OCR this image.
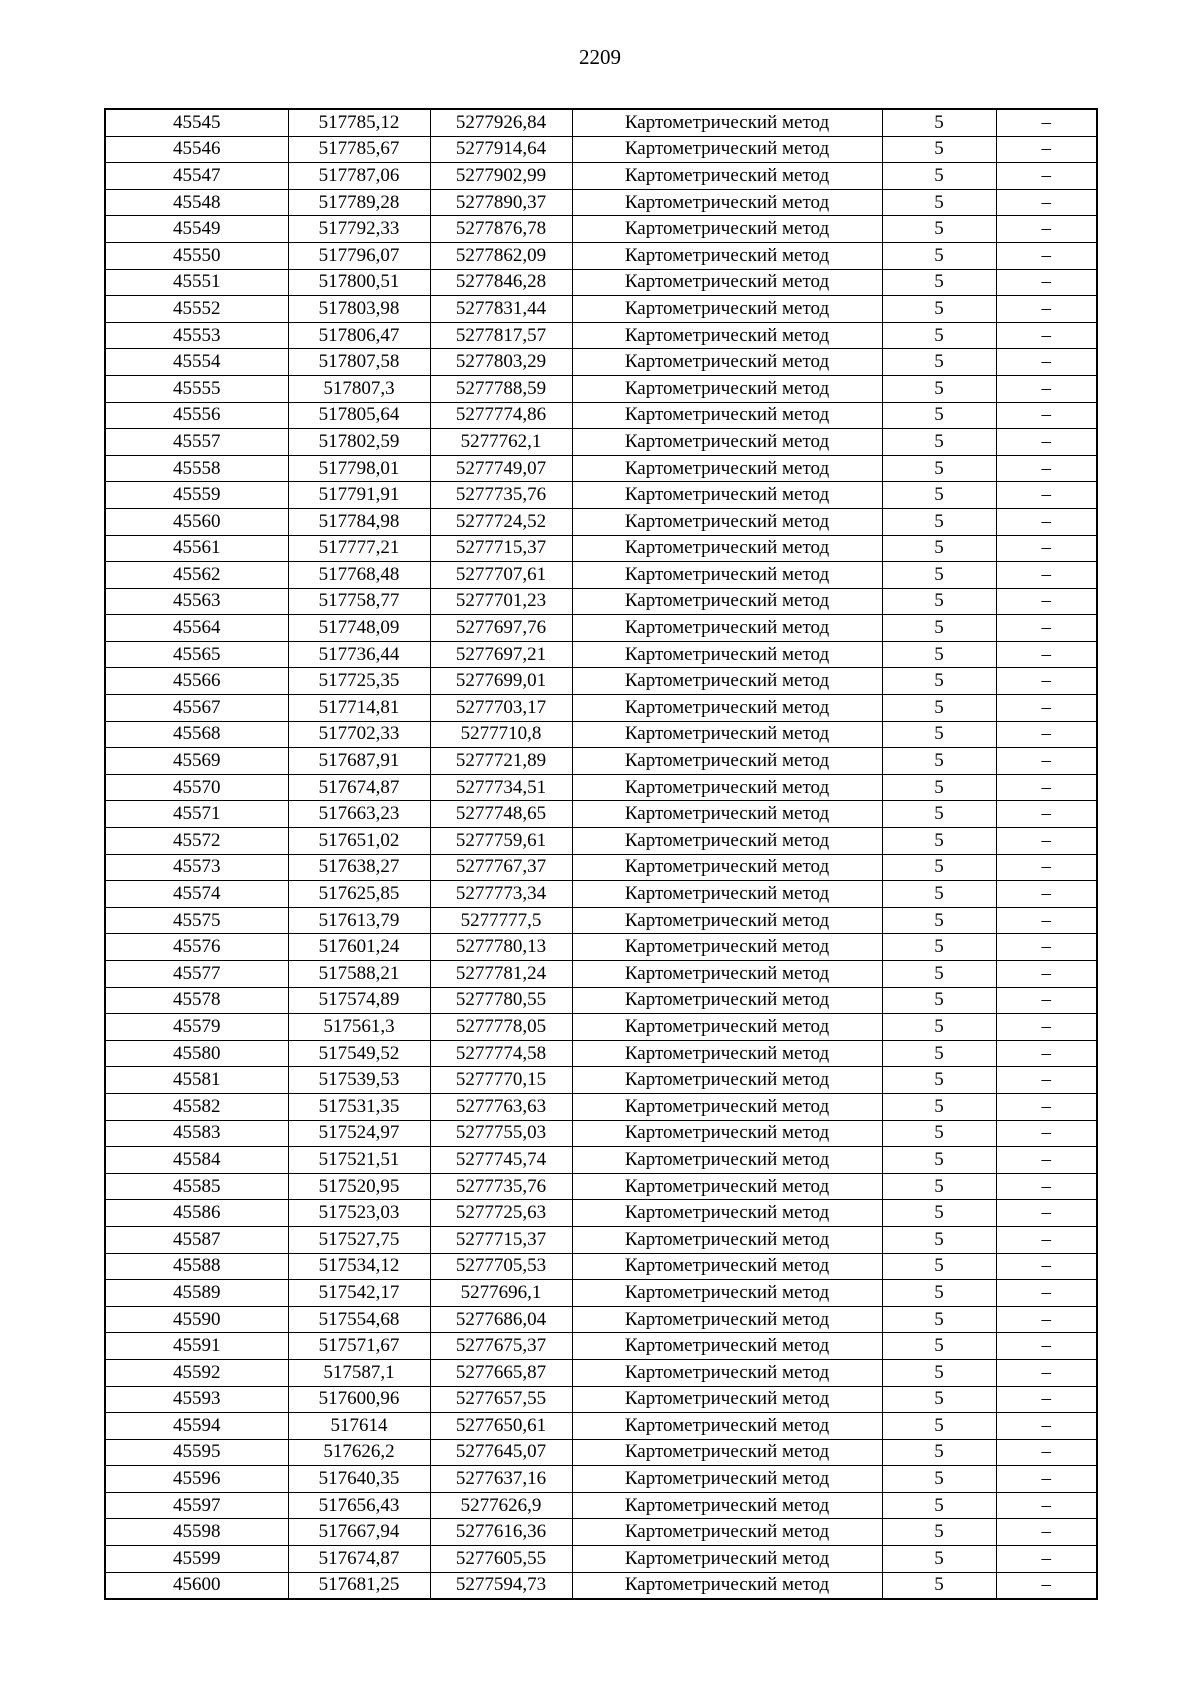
2209
45545	517785,12	5277926,84	Картометрический метод	5	–
45546	517785,67	5277914,64	Картометрический метод	5	–
45547	517787,06	5277902,99	Картометрический метод	5	–
45548	517789,28	5277890,37	Картометрический метод	5	–
45549	517792,33	5277876,78	Картометрический метод	5	–
45550	517796,07	5277862,09	Картометрический метод	5	–
45551	517800,51	5277846,28	Картометрический метод	5	–
45552	517803,98	5277831,44	Картометрический метод	5	–
45553	517806,47	5277817,57	Картометрический метод	5	–
45554	517807,58	5277803,29	Картометрический метод	5	–
45555	517807,3	5277788,59	Картометрический метод	5	–
45556	517805,64	5277774,86	Картометрический метод	5	–
45557	517802,59	5277762,1	Картометрический метод	5	–
45558	517798,01	5277749,07	Картометрический метод	5	–
45559	517791,91	5277735,76	Картометрический метод	5	–
45560	517784,98	5277724,52	Картометрический метод	5	–
45561	517777,21	5277715,37	Картометрический метод	5	–
45562	517768,48	5277707,61	Картометрический метод	5	–
45563	517758,77	5277701,23	Картометрический метод	5	–
45564	517748,09	5277697,76	Картометрический метод	5	–
45565	517736,44	5277697,21	Картометрический метод	5	–
45566	517725,35	5277699,01	Картометрический метод	5	–
45567	517714,81	5277703,17	Картометрический метод	5	–
45568	517702,33	5277710,8	Картометрический метод	5	–
45569	517687,91	5277721,89	Картометрический метод	5	–
45570	517674,87	5277734,51	Картометрический метод	5	–
45571	517663,23	5277748,65	Картометрический метод	5	–
45572	517651,02	5277759,61	Картометрический метод	5	–
45573	517638,27	5277767,37	Картометрический метод	5	–
45574	517625,85	5277773,34	Картометрический метод	5	–
45575	517613,79	5277777,5	Картометрический метод	5	–
45576	517601,24	5277780,13	Картометрический метод	5	–
45577	517588,21	5277781,24	Картометрический метод	5	–
45578	517574,89	5277780,55	Картометрический метод	5	–
45579	517561,3	5277778,05	Картометрический метод	5	–
45580	517549,52	5277774,58	Картометрический метод	5	–
45581	517539,53	5277770,15	Картометрический метод	5	–
45582	517531,35	5277763,63	Картометрический метод	5	–
45583	517524,97	5277755,03	Картометрический метод	5	–
45584	517521,51	5277745,74	Картометрический метод	5	–
45585	517520,95	5277735,76	Картометрический метод	5	–
45586	517523,03	5277725,63	Картометрический метод	5	–
45587	517527,75	5277715,37	Картометрический метод	5	–
45588	517534,12	5277705,53	Картометрический метод	5	–
45589	517542,17	5277696,1	Картометрический метод	5	–
45590	517554,68	5277686,04	Картометрический метод	5	–
45591	517571,67	5277675,37	Картометрический метод	5	–
45592	517587,1	5277665,87	Картометрический метод	5	–
45593	517600,96	5277657,55	Картометрический метод	5	–
45594	517614	5277650,61	Картометрический метод	5	–
45595	517626,2	5277645,07	Картометрический метод	5	–
45596	517640,35	5277637,16	Картометрический метод	5	–
45597	517656,43	5277626,9	Картометрический метод	5	–
45598	517667,94	5277616,36	Картометрический метод	5	–
45599	517674,87	5277605,55	Картометрический метод	5	–
45600	517681,25	5277594,73	Картометрический метод	5	–
